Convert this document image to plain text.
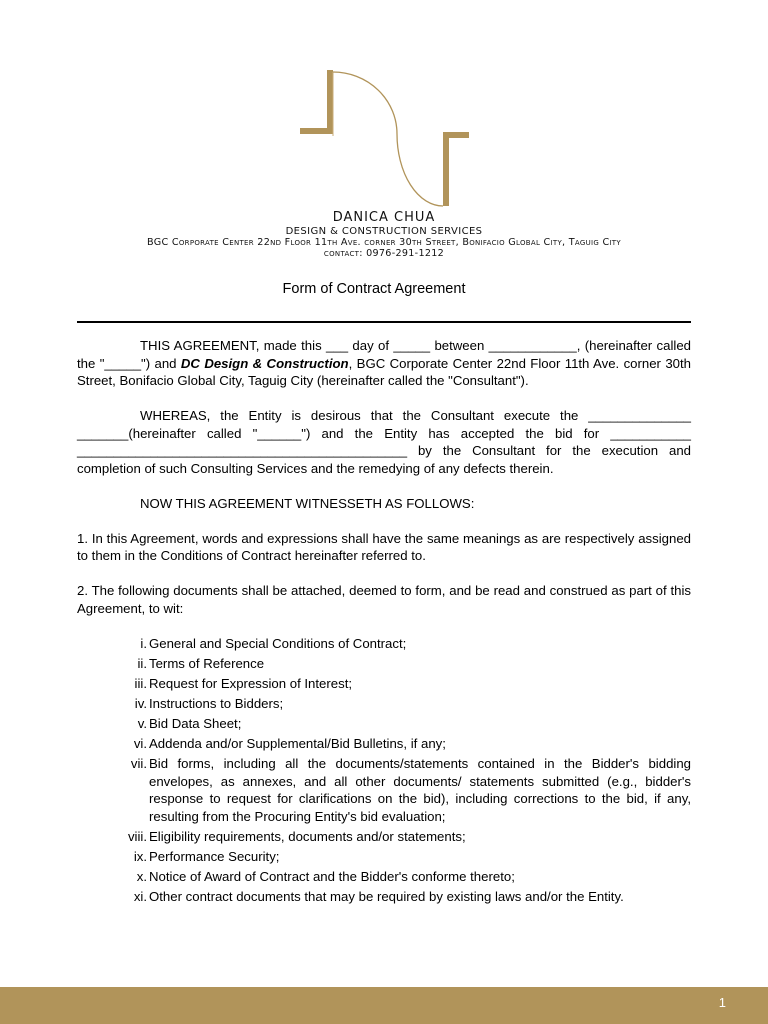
DANICA CHUA
DESIGN & CONSTRUCTION SERVICES
BGC Corporate Center 22nd Floor 11th Ave. corner 30th Street, Bonifacio Global City, Taguig City
contact: 0976-291-1212
Form of Contract Agreement

THIS AGREEMENT, made this ___ day of _____ between ____________, (hereinafter called the "_____") and DC Design & Construction, BGC Corporate Center 22nd Floor 11th Ave. corner 30th Street, Bonifacio Global City, Taguig City (hereinafter called the "Consultant").

WHEREAS, the Entity is desirous that the Consultant execute the ______________ _______(hereinafter called "______") and the Entity has accepted the bid for ___________ _____________________________________________ by the Consultant for the execution and completion of such Consulting Services and the remedying of any defects therein.

NOW THIS AGREEMENT WITNESSETH AS FOLLOWS:

1. In this Agreement, words and expressions shall have the same meanings as are respectively assigned to them in the Conditions of Contract hereinafter referred to.

2. The following documents shall be attached, deemed to form, and be read and construed as part of this Agreement, to wit:

i. General and Special Conditions of Contract;
ii. Terms of Reference
iii. Request for Expression of Interest;
iv. Instructions to Bidders;
v. Bid Data Sheet;
vi. Addenda and/or Supplemental/Bid Bulletins, if any;
vii. Bid forms, including all the documents/statements contained in the Bidder's bidding envelopes, as annexes, and all other documents/ statements submitted (e.g., bidder's response to request for clarifications on the bid), including corrections to the bid, if any, resulting from the Procuring Entity's bid evaluation;
viii. Eligibility requirements, documents and/or statements;
ix. Performance Security;
x. Notice of Award of Contract and the Bidder's conforme thereto;
xi. Other contract documents that may be required by existing laws and/or the Entity.
1
